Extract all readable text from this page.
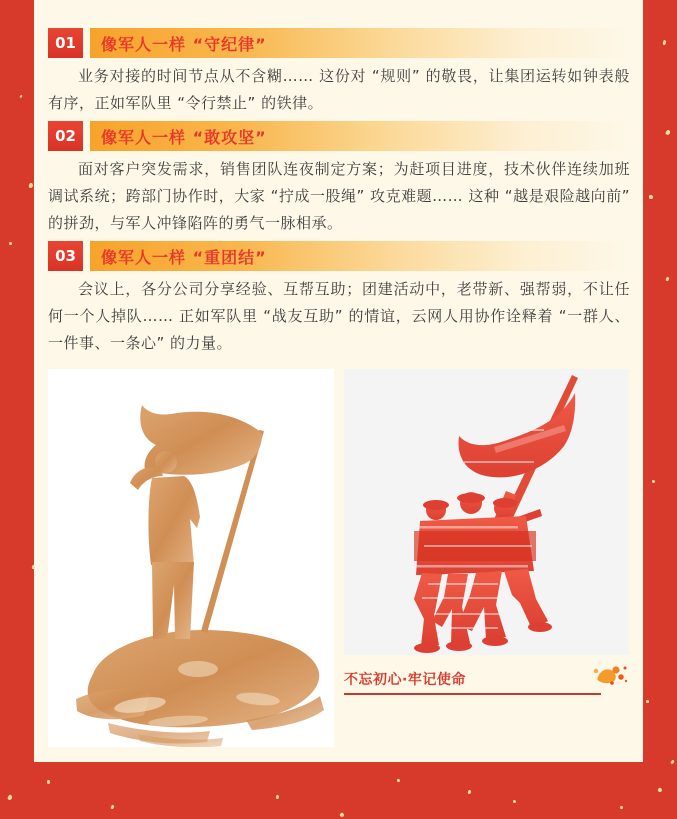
01	像军人一样 “守纪律”

业务对接的时间节点从不含糊…… 这份对 “规则” 的敬畏，让集团运转如钟表般有序，正如军队里 “令行禁止” 的铁律。

02	像军人一样 “敢攻坚”

面对客户突发需求，销售团队连夜制定方案；为赶项目进度，技术伙伴连续加班调试系统；跨部门协作时，大家 “拧成一股绳” 攻克难题…… 这种 “越是艰险越向前” 的拼劲，与军人冲锋陷阵的勇气一脉相承。

03	像军人一样 “重团结”

会议上，各分公司分享经验、互帮互助；团建活动中，老带新、强帮弱，不让任何一个人掉队…… 正如军队里 “战友互助” 的情谊，云网人用协作诠释着 “一群人、一件事、一条心” 的力量。

不忘初心·牢记使命
